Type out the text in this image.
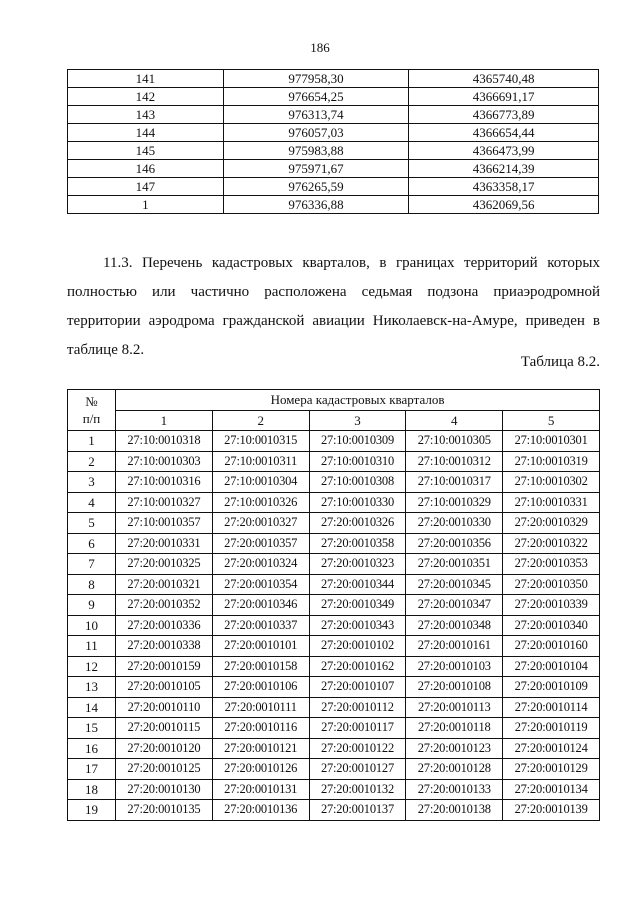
186
141	977958,30	4365740,48
142	976654,25	4366691,17
143	976313,74	4366773,89
144	976057,03	4366654,44
145	975983,88	4366473,99
146	975971,67	4366214,39
147	976265,59	4363358,17
1	976336,88	4362069,56

11.3. Перечень кадастровых кварталов, в границах территорий которых полностью или частично расположена седьмая подзона приаэродромной территории аэродрома гражданской авиации Николаевск-на-Амуре, приведен в таблице 8.2.

Таблица 8.2.
№
п/п	Номера кадастровых кварталов				
	1	2	3	4	5
1	27:10:0010318	27:10:0010315	27:10:0010309	27:10:0010305	27:10:0010301
2	27:10:0010303	27:10:0010311	27:10:0010310	27:10:0010312	27:10:0010319
3	27:10:0010316	27:10:0010304	27:10:0010308	27:10:0010317	27:10:0010302
4	27:10:0010327	27:10:0010326	27:10:0010330	27:10:0010329	27:10:0010331
5	27:10:0010357	27:20:0010327	27:20:0010326	27:20:0010330	27:20:0010329
6	27:20:0010331	27:20:0010357	27:20:0010358	27:20:0010356	27:20:0010322
7	27:20:0010325	27:20:0010324	27:20:0010323	27:20:0010351	27:20:0010353
8	27:20:0010321	27:20:0010354	27:20:0010344	27:20:0010345	27:20:0010350
9	27:20:0010352	27:20:0010346	27:20:0010349	27:20:0010347	27:20:0010339
10	27:20:0010336	27:20:0010337	27:20:0010343	27:20:0010348	27:20:0010340
11	27:20:0010338	27:20:0010101	27:20:0010102	27:20:0010161	27:20:0010160
12	27:20:0010159	27:20:0010158	27:20:0010162	27:20:0010103	27:20:0010104
13	27:20:0010105	27:20:0010106	27:20:0010107	27:20:0010108	27:20:0010109
14	27:20:0010110	27:20:0010111	27:20:0010112	27:20:0010113	27:20:0010114
15	27:20:0010115	27:20:0010116	27:20:0010117	27:20:0010118	27:20:0010119
16	27:20:0010120	27:20:0010121	27:20:0010122	27:20:0010123	27:20:0010124
17	27:20:0010125	27:20:0010126	27:20:0010127	27:20:0010128	27:20:0010129
18	27:20:0010130	27:20:0010131	27:20:0010132	27:20:0010133	27:20:0010134
19	27:20:0010135	27:20:0010136	27:20:0010137	27:20:0010138	27:20:0010139
